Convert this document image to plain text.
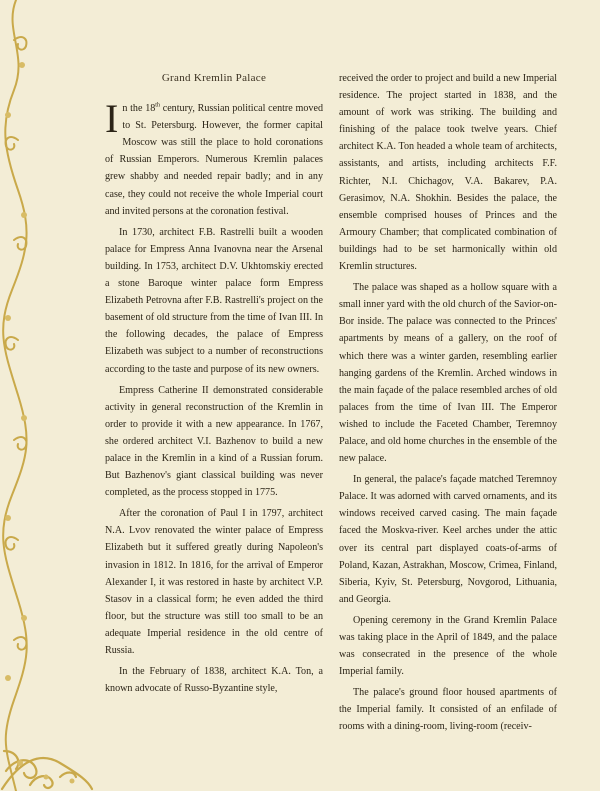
Grand Kremlin Palace

In the 18th century, Russian political centre moved to St. Petersburg. However, the former capital Moscow was still the place to hold coronations of Russian Emperors. Numerous Kremlin palaces grew shabby and needed repair badly; and in any case, they could not receive the whole Imperial court and invited persons at the coronation festival.

In 1730, architect F.B. Rastrelli built a wooden palace for Empress Anna Ivanovna near the Arsenal building. In 1753, architect D.V. Ukhtomskiy erected a stone Baroque winter palace form Empress Elizabeth Petrovna after F.B. Rastrelli's project on the basement of old structure from the time of Ivan III. In the following decades, the palace of Empress Elizabeth was subject to a number of reconstructions according to the taste and purpose of its new owners.

Empress Catherine II demonstrated considerable activity in general reconstruction of the Kremlin in order to provide it with a new appearance. In 1767, she ordered architect V.I. Bazhenov to build a new palace in the Kremlin in a kind of a Russian forum. But Bazhenov's giant classical building was never completed, as the process stopped in 1775.

After the coronation of Paul I in 1797, architect N.A. Lvov renovated the winter palace of Empress Elizabeth but it suffered greatly during Napoleon's invasion in 1812. In 1816, for the arrival of Emperor Alexander I, it was restored in haste by architect V.P. Stasov in a classical form; he even added the third floor, but the structure was still too small to be an adequate Imperial residence in the old centre of Russia.

In the February of 1838, architect K.A. Ton, a known advocate of Russo-Byzantine style,

received the order to project and build a new Imperial residence. The project started in 1838, and the amount of work was striking. The building and finishing of the palace took twelve years. Chief architect K.A. Ton headed a whole team of architects, assistants, and artists, including architects F.F. Richter, N.I. Chichagov, V.A. Bakarev, P.A. Gerasimov, N.A. Shokhin. Besides the palace, the ensemble comprised houses of Princes and the Armoury Chamber; that complicated combination of buildings had to be set harmonically within old Kremlin structures.

The palace was shaped as a hollow square with a small inner yard with the old church of the Savior-on-Bor inside. The palace was connected to the Princes' apartments by means of a gallery, on the roof of which there was a winter garden, resembling earlier hanging gardens of the Kremlin. Arched windows in the main façade of the palace resembled arches of old palaces from the time of Ivan III. The Emperor wished to include the Faceted Chamber, Teremnoy Palace, and old home churches in the ensemble of the new palace.

In general, the palace's façade matched Teremnoy Palace. It was adorned with carved ornaments, and its windows received carved casing. The main façade faced the Moskva-river. Keel arches under the attic over its central part displayed coats-of-arms of Poland, Kazan, Astrakhan, Moscow, Crimea, Finland, Siberia, Kyiv, St. Petersburg, Novgorod, Lithuania, and Georgia.

Opening ceremony in the Grand Kremlin Palace was taking place in the April of 1849, and the palace was consecrated in the presence of the whole Imperial family.

The palace's ground floor housed apartments of the Imperial family. It consisted of an enfilade of rooms with a dining-room, living-room (receiv-
